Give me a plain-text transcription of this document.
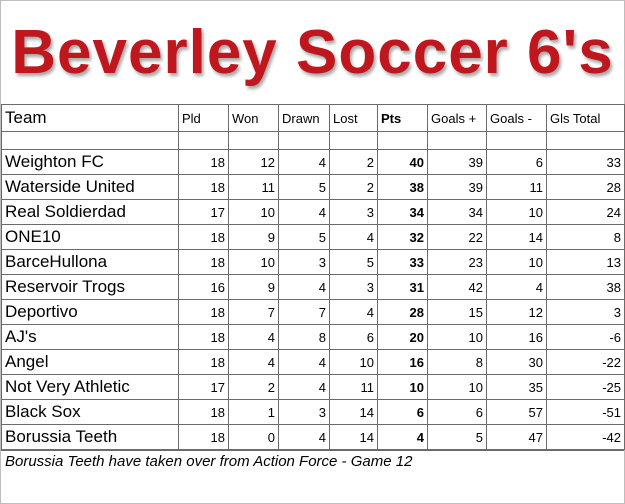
Beverley Soccer 6's
Team	Pld	Won	Drawn	Lost	Pts	Goals +	Goals -	Gls Total

Weighton FC	18	12	4	2	40	39	6	33
Waterside United	18	11	5	2	38	39	11	28
Real Soldierdad	17	10	4	3	34	34	10	24
ONE10	18	9	5	4	32	22	14	8
BarceHullona	18	10	3	5	33	23	10	13
Reservoir Trogs	16	9	4	3	31	42	4	38
Deportivo	18	7	7	4	28	15	12	3
AJ's	18	4	8	6	20	10	16	-6
Angel	18	4	4	10	16	8	30	-22
Not Very Athletic	17	2	4	11	10	10	35	-25
Black Sox	18	1	3	14	6	6	57	-51
Borussia Teeth	18	0	4	14	4	5	47	-42
Borussia Teeth have taken over from Action Force - Game 12
